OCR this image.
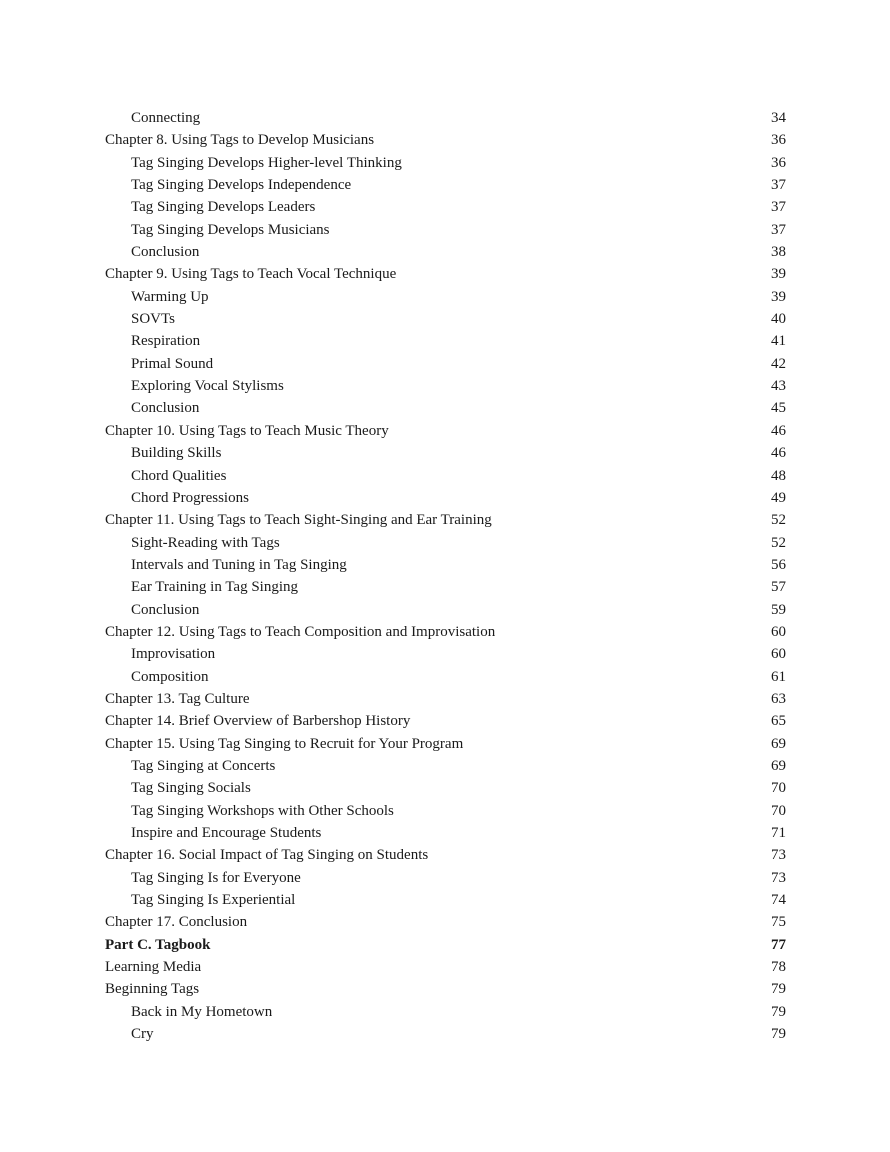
Connecting	34
Chapter 8. Using Tags to Develop Musicians	36
Tag Singing Develops Higher-level Thinking	36
Tag Singing Develops Independence	37
Tag Singing Develops Leaders	37
Tag Singing Develops Musicians	37
Conclusion	38
Chapter 9. Using Tags to Teach Vocal Technique	39
Warming Up	39
SOVTs	40
Respiration	41
Primal Sound	42
Exploring Vocal Stylisms	43
Conclusion	45
Chapter 10. Using Tags to Teach Music Theory	46
Building Skills	46
Chord Qualities	48
Chord Progressions	49
Chapter 11. Using Tags to Teach Sight-Singing and Ear Training	52
Sight-Reading with Tags	52
Intervals and Tuning in Tag Singing	56
Ear Training in Tag Singing	57
Conclusion	59
Chapter 12. Using Tags to Teach Composition and Improvisation	60
Improvisation	60
Composition	61
Chapter 13. Tag Culture	63
Chapter 14. Brief Overview of Barbershop History	65
Chapter 15. Using Tag Singing to Recruit for Your Program	69
Tag Singing at Concerts	69
Tag Singing Socials	70
Tag Singing Workshops with Other Schools	70
Inspire and Encourage Students	71
Chapter 16. Social Impact of Tag Singing on Students	73
Tag Singing Is for Everyone	73
Tag Singing Is Experiential	74
Chapter 17. Conclusion	75
Part C. Tagbook	77
Learning Media	78
Beginning Tags	79
Back in My Hometown	79
Cry	79
